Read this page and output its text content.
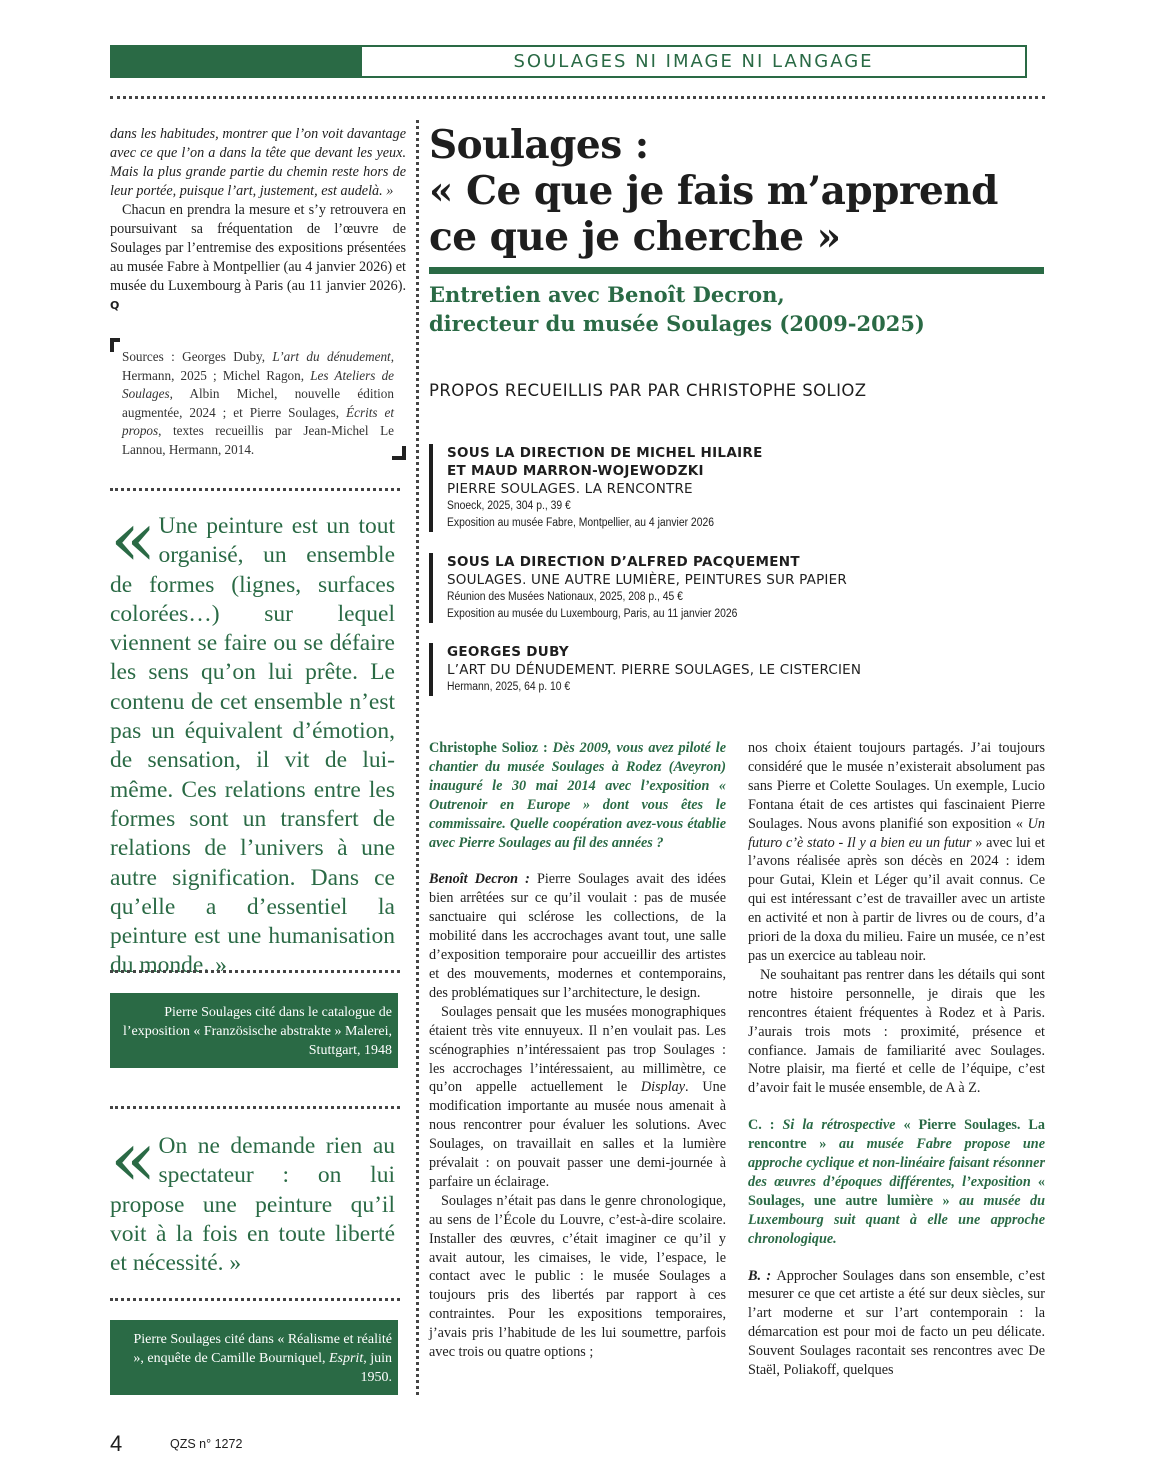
SOULAGES NI IMAGE NI LANGAGE
dans les habitudes, montrer que l’on voit davantage avec ce que l’on a dans la tête que devant les yeux. Mais la plus grande partie du chemin reste hors de leur portée, puisque l’art, justement, est audelà. »
Chacun en prendra la mesure et s’y retrouvera en poursuivant sa fréquentation de l’œuvre de Soulages par l’entremise des expositions présentées au musée Fabre à Montpellier (au 4 janvier 2026) et musée du Luxembourg à Paris (au 11 janvier 2026). Q
Sources : Georges Duby, L’art du dénudement, Hermann, 2025 ; Michel Ragon, Les Ateliers de Soulages, Albin Michel, nouvelle édition augmentée, 2024 ; et Pierre Soulages, Écrits et propos, textes recueillis par Jean-Michel Le Lannou, Hermann, 2014.
« Une peinture est un tout organisé, un ensemble de formes (lignes, surfaces colorées…) sur lequel viennent se faire ou se défaire les sens qu’on lui prête. Le contenu de cet ensemble n’est pas un équivalent d’émotion, de sensation, il vit de lui-même. Ces relations entre les formes sont un transfert de relations de l’univers à une autre signification. Dans ce qu’elle a d’essentiel la peinture est une humanisation du monde. »
Pierre Soulages cité dans le catalogue de l’exposition « Französische abstrakte » Malerei, Stuttgart, 1948
« On ne demande rien au spectateur : on lui propose une peinture qu’il voit à la fois en toute liberté et nécessité. »
Pierre Soulages cité dans « Réalisme et réalité », enquête de Camille Bourniquel, Esprit, juin 1950.
Soulages :
« Ce que je fais m’apprend
ce que je cherche »
Entretien avec Benoît Decron,
directeur du musée Soulages (2009-2025)
PROPOS RECUEILLIS PAR PAR CHRISTOPHE SOLIOZ
SOUS LA DIRECTION DE MICHEL HILAIRE ET MAUD MARRON-WOJEWODZKI
PIERRE SOULAGES. LA RENCONTRE
Snoeck, 2025, 304 p., 39 €
Exposition au musée Fabre, Montpellier, au 4 janvier 2026
SOUS LA DIRECTION D’ALFRED PACQUEMENT
SOULAGES. UNE AUTRE LUMIÈRE, PEINTURES SUR PAPIER
Réunion des Musées Nationaux, 2025, 208 p., 45 €
Exposition au musée du Luxembourg, Paris, au 11 janvier 2026
GEORGES DUBY
L’ART DU DÉNUDEMENT. PIERRE SOULAGES, LE CISTERCIEN
Hermann, 2025, 64 p. 10 €

Christophe Solioz : Dès 2009, vous avez piloté le chantier du musée Soulages à Rodez (Aveyron) inauguré le 30 mai 2014 avec l’exposition « Outrenoir en Europe » dont vous êtes le commissaire. Quelle coopération avez-vous établie avec Pierre Soulages au fil des années ?

Benoît Decron : Pierre Soulages avait des idées bien arrêtées sur ce qu’il voulait : pas de musée sanctuaire qui sclérose les collections, de la mobilité dans les accrochages avant tout, une salle d’exposition temporaire pour accueillir des artistes et des mouvements, modernes et contemporains, des problématiques sur l’architecture, le design.

Soulages pensait que les musées monographiques étaient très vite ennuyeux. Il n’en voulait pas. Les scénographies n’intéressaient pas trop Soulages : les accrochages l’intéressaient, au millimètre, ce qu’on appelle actuellement le Display. Une modification importante au musée nous amenait à nous rencontrer pour évaluer les solutions. Avec Soulages, on travaillait en salles et la lumière prévalait : on pouvait passer une demi-journée à parfaire un éclairage.

Soulages n’était pas dans le genre chronologique, au sens de l’École du Louvre, c’est-à-dire scolaire. Installer des œuvres, c’était imaginer ce qu’il y avait autour, les cimaises, le vide, l’espace, le contact avec le public : le musée Soulages a toujours pris des libertés par rapport à ces contraintes. Pour les expositions temporaires, j’avais pris l’habitude de les lui soumettre, parfois avec trois ou quatre options ;

nos choix étaient toujours partagés. J’ai toujours considéré que le musée n’existerait absolument pas sans Pierre et Colette Soulages. Un exemple, Lucio Fontana était de ces artistes qui fascinaient Pierre Soulages. Nous avons planifié son exposition « Un futuro c’è stato - Il y a bien eu un futur » avec lui et l’avons réalisée après son décès en 2024 : idem pour Gutai, Klein et Léger qu’il avait connus. Ce qui est intéressant c’est de travailler avec un artiste en activité et non à partir de livres ou de cours, d’a priori de la doxa du milieu. Faire un musée, ce n’est pas un exercice au tableau noir.

Ne souhaitant pas rentrer dans les détails qui sont notre histoire personnelle, je dirais que les rencontres étaient fréquentes à Rodez et à Paris. J’aurais trois mots : proximité, présence et confiance. Jamais de familiarité avec Soulages. Notre plaisir, ma fierté et celle de l’équipe, c’est d’avoir fait le musée ensemble, de A à Z.

C. : Si la rétrospective « Pierre Soulages. La rencontre » au musée Fabre propose une approche cyclique et non-linéaire faisant résonner des œuvres d’époques différentes, l’exposition « Soulages, une autre lumière » au musée du Luxembourg suit quant à elle une approche chronologique.

B. : Approcher Soulages dans son ensemble, c’est mesurer ce que cet artiste a été sur deux siècles, sur l’art moderne et sur l’art contemporain : la démarcation est pour moi de facto un peu délicate. Souvent Soulages racontait ses rencontres avec De Staël, Poliakoff, quelques

4	QZS n° 1272
